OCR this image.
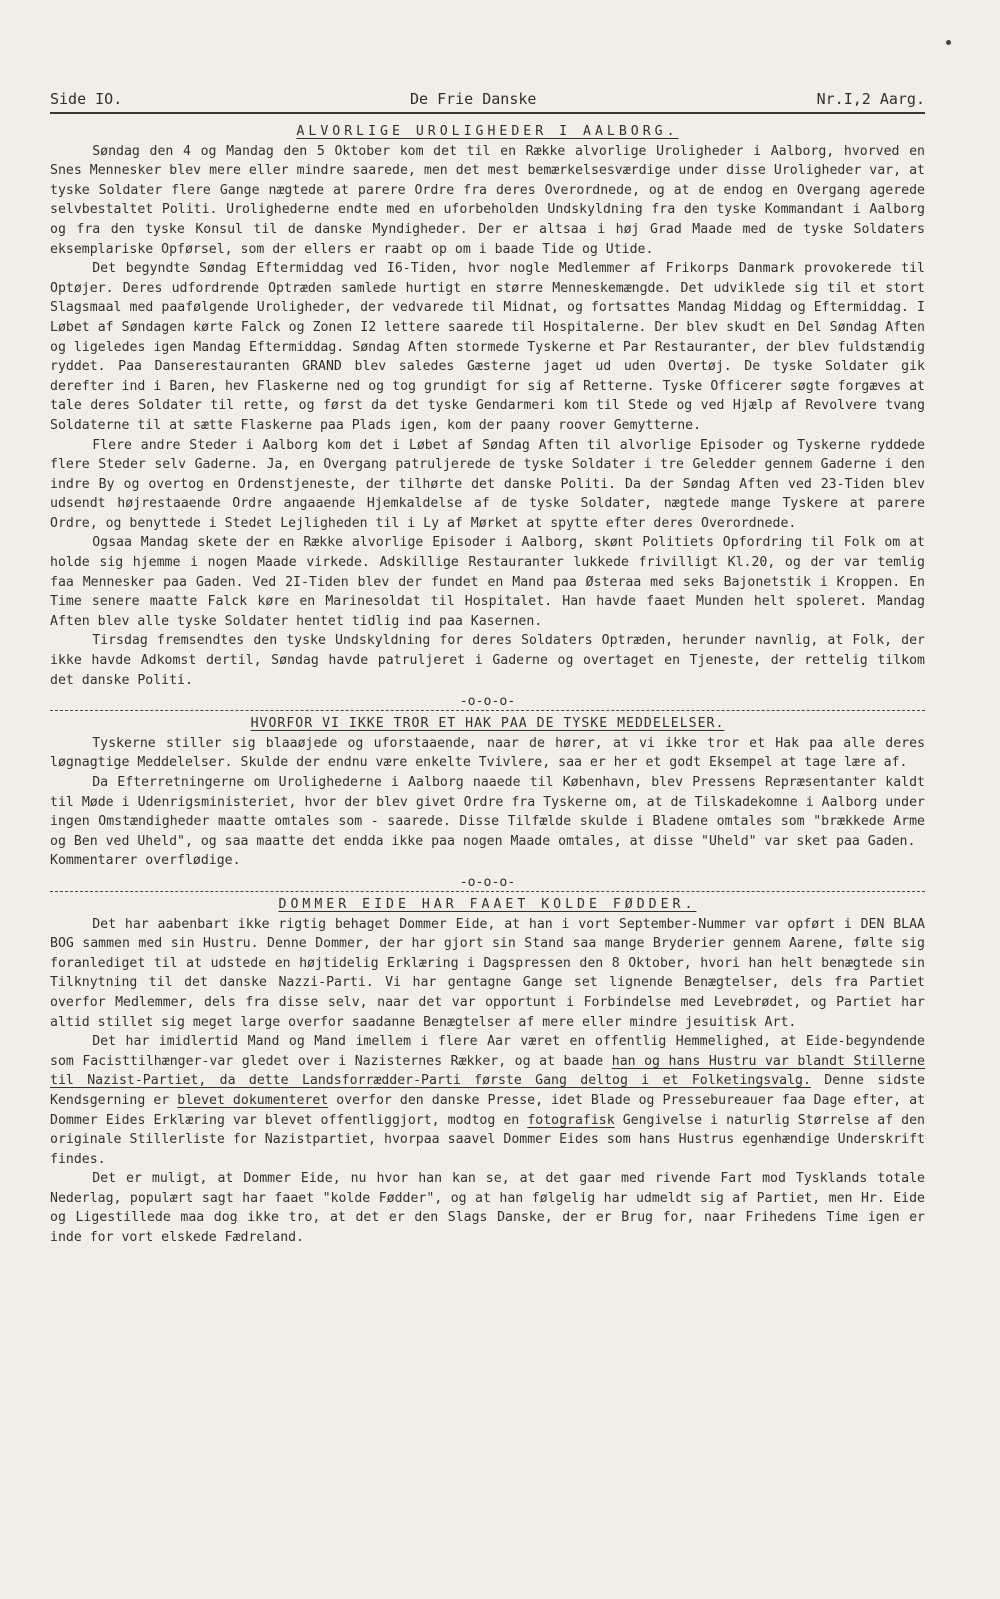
Side IO.	De Frie Danske	Nr.I,2 Aarg.
ALVORLIGE UROLIGHEDER I AALBORG.

Søndag den 4 og Mandag den 5 Oktober kom det til en Række alvorlige Uroligheder i Aalborg, hvorved en Snes Mennesker blev mere eller mindre saarede, men det mest bemærkelsesværdige under disse Uroligheder var, at tyske Soldater flere Gange nægtede at parere Ordre fra deres Overordnede, og at de endog en Overgang agerede selvbestaltet Politi. Urolighederne endte med en uforbeholden Undskyldning fra den tyske Kommandant i Aalborg og fra den tyske Konsul til de danske Myndigheder. Der er altsaa i høj Grad Maade med de tyske Soldaters eksemplariske Opførsel, som der ellers er raabt op om i baade Tide og Utide.

Det begyndte Søndag Eftermiddag ved I6-Tiden, hvor nogle Medlemmer af Frikorps Danmark provokerede til Optøjer. Deres udfordrende Optræden samlede hurtigt en større Menneskemængde. Det udviklede sig til et stort Slagsmaal med paafølgende Uroligheder, der vedvarede til Midnat, og fortsattes Mandag Middag og Eftermiddag. I Løbet af Søndagen kørte Falck og Zonen I2 lettere saarede til Hospitalerne. Der blev skudt en Del Søndag Aften og ligeledes igen Mandag Eftermiddag. Søndag Aften stormede Tyskerne et Par Restauranter, der blev fuldstændig ryddet. Paa Danserestauranten GRAND blev saledes Gæsterne jaget ud uden Overtøj. De tyske Soldater gik derefter ind i Baren, hev Flaskerne ned og tog grundigt for sig af Retterne. Tyske Officerer søgte forgæves at tale deres Soldater til rette, og først da det tyske Gendarmeri kom til Stede og ved Hjælp af Revolvere tvang Soldaterne til at sætte Flaskerne paa Plads igen, kom der paany roover Gemytterne.

Flere andre Steder i Aalborg kom det i Løbet af Søndag Aften til alvorlige Episoder og Tyskerne ryddede flere Steder selv Gaderne. Ja, en Overgang patruljerede de tyske Soldater i tre Geledder gennem Gaderne i den indre By og overtog en Ordenstjeneste, der tilhørte det danske Politi. Da der Søndag Aften ved 23-Tiden blev udsendt højrestaaende Ordre angaaende Hjemkaldelse af de tyske Soldater, nægtede mange Tyskere at parere Ordre, og benyttede i Stedet Lejligheden til i Ly af Mørket at spytte efter deres Overordnede.

Ogsaa Mandag skete der en Række alvorlige Episoder i Aalborg, skønt Politiets Opfordring til Folk om at holde sig hjemme i nogen Maade virkede. Adskillige Restauranter lukkede frivilligt Kl.20, og der var temlig faa Mennesker paa Gaden. Ved 2I-Tiden blev der fundet en Mand paa Østeraa med seks Bajonetstik i Kroppen. En Time senere maatte Falck køre en Marinesoldat til Hospitalet. Han havde faaet Munden helt spoleret. Mandag Aften blev alle tyske Soldater hentet tidlig ind paa Kasernen.

Tirsdag fremsendtes den tyske Undskyldning for deres Soldaters Optræden, herunder navnlig, at Folk, der ikke havde Adkomst dertil, Søndag havde patruljeret i Gaderne og overtaget en Tjeneste, der rettelig tilkom det danske Politi.

-o-o-o-
HVORFOR VI IKKE TROR ET HAK PAA DE TYSKE MEDDELELSER.

Tyskerne stiller sig blaaøjede og uforstaaende, naar de hører, at vi ikke tror et Hak paa alle deres løgnagtige Meddelelser. Skulde der endnu være enkelte Tvivlere, saa er her et godt Eksempel at tage lære af.

Da Efterretningerne om Urolighederne i Aalborg naaede til København, blev Pressens Repræsentanter kaldt til Møde i Udenrigsministeriet, hvor der blev givet Ordre fra Tyskerne om, at de Tilskadekomne i Aalborg under ingen Omstændigheder maatte omtales som - saarede. Disse Tilfælde skulde i Bladene omtales som "brækkede Arme og Ben ved Uheld", og saa maatte det endda ikke paa nogen Maade omtales, at disse "Uheld" var sket paa Gaden.

Kommentarer overflødige.

-o-o-o-
DOMMER EIDE HAR FAAET KOLDE FØDDER.

Det har aabenbart ikke rigtig behaget Dommer Eide, at han i vort September-Nummer var opført i DEN BLAA BOG sammen med sin Hustru. Denne Dommer, der har gjort sin Stand saa mange Bryderier gennem Aarene, følte sig foranlediget til at udstede en højtidelig Erklæring i Dagspressen den 8 Oktober, hvori han helt benægtede sin Tilknytning til det danske Nazzi-Parti. Vi har gentagne Gange set lignende Benægtelser, dels fra Partiet overfor Medlemmer, dels fra disse selv, naar det var opportunt i Forbindelse med Levebrødet, og Partiet har altid stillet sig meget large overfor saadanne Benægtelser af mere eller mindre jesuitisk Art.

Det har imidlertid Mand og Mand imellem i flere Aar været en offentlig Hemmelighed, at Eide-begyndende som Facisttilhænger-var gledet over i Nazisternes Rækker, og at baade han og hans Hustru var blandt Stillerne til Nazist-Partiet, da dette Landsforrædder-Parti første Gang deltog i et Folketingsvalg. Denne sidste Kendsgerning er blevet dokumenteret overfor den danske Presse, idet Blade og Pressebureauer faa Dage efter, at Dommer Eides Erklæring var blevet offentliggjort, modtog en fotografisk Gengivelse i naturlig Størrelse af den originale Stillerliste for Nazistpartiet, hvorpaa saavel Dommer Eides som hans Hustrus egenhændige Underskrift findes.

Det er muligt, at Dommer Eide, nu hvor han kan se, at det gaar med rivende Fart mod Tysklands totale Nederlag, populært sagt har faaet "kolde Fødder", og at han følgelig har udmeldt sig af Partiet, men Hr. Eide og Ligestillede maa dog ikke tro, at det er den Slags Danske, der er Brug for, naar Frihedens Time igen er inde for vort elskede Fædreland.
